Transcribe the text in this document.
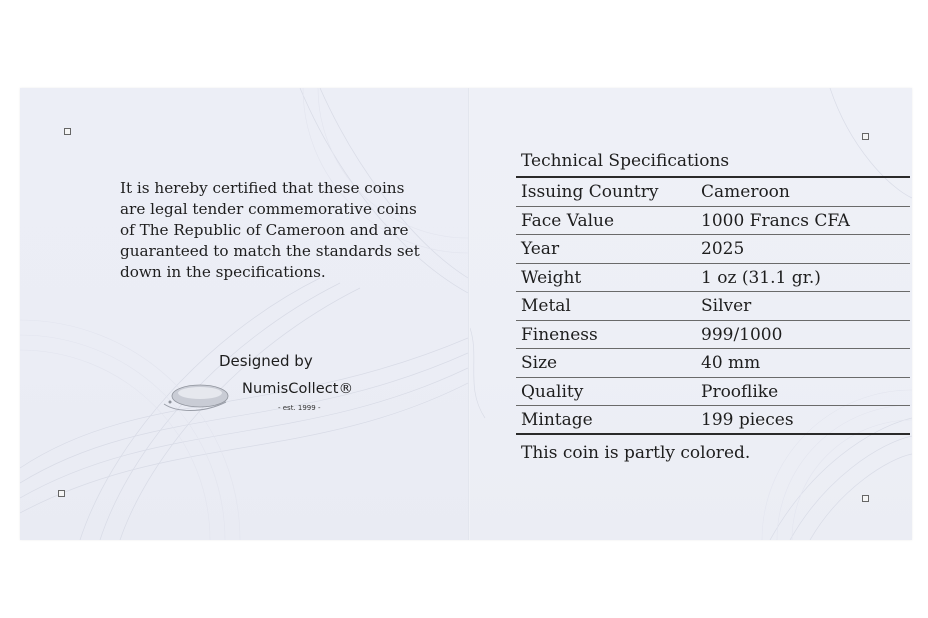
It is hereby certified that these coins
are legal tender commemorative coins
of The Republic of Cameroon and are
guaranteed to match the standards set
down in the specifications.

Designed by
NumisCollect®
- est. 1999 -
Technical Specifications
Issuing Country	Cameroon
Face Value	1000 Francs CFA
Year	2025
Weight	1 oz (31.1 gr.)
Metal	Silver
Fineness	999/1000
Size	40 mm
Quality	Prooflike
Mintage	199 pieces
This coin is partly colored.
